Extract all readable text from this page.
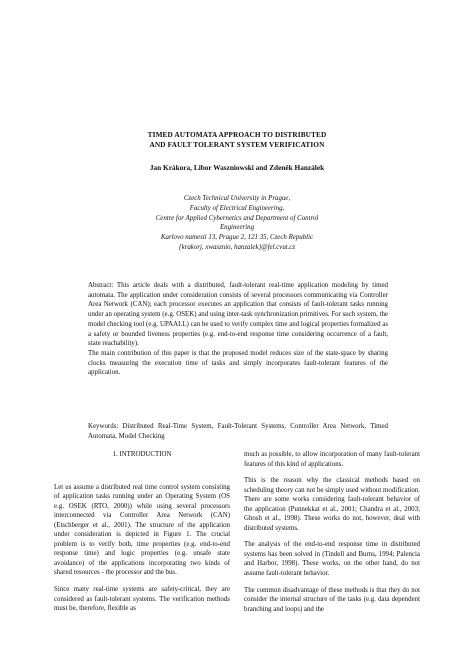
TIMED AUTOMATA APPROACH TO DISTRIBUTED
AND FAULT TOLERANT SYSTEM VERIFICATION
Jan Krákora, Libor Waszniowski and Zdeněk Hanzálek
Czech Technical University in Prague,
Faculty of Electrical Engineering,
Centre for Applied Cybernetics and Department of Control
Engineering
Karlovo namesti 13, Prague 2, 121 35, Czech Republic
{krakorj, xwasznio, hanzalek}@fel.cvut.cz

Abstract: This article deals with a distributed, fault-tolerant real-time application modeling by timed automata. The application under consideration consists of several processors communicating via Controller Area Network (CAN); each processor executes an application that consists of fault-tolerant tasks running under an operating system (e.g. OSEK) and using inter-task synchronization primitives. For such system, the model checking tool (e.g. UPAALL) can be used to verify complex time and logical properties formalized as a safety or bounded liveness properties (e.g. end-to-end response time considering occurrence of a fault, state reachability).

The main contribution of this paper is that the proposed model reduces size of the state-space by sharing clocks measuring the execution time of tasks and simply incorporates fault-tolerant features of the application.

Keywords: Distributed Real-Time System, Fault-Tolerant Systems, Controller Area Network, Timed Automata, Model Checking

1. INTRODUCTION

Let us assume a distributed real time control system consisting of application tasks running under an Operating System (OS e.g. OSEK (RTO, 2000)) while using several processors interconnected via Controller Area Network (CAN) (Etschberger et al., 2001). The structure of the application under consideration is depicted in Figure 1. The crucial problem is to verify both, time properties (e.g. end-to-end response time) and logic properties (e.g. unsafe state avoidance) of the applications incorporating two kinds of shared resources - the processor and the bus.

Since many real-time systems are safety-critical, they are considered as fault-tolerant systems. The verification methods must be, therefore, flexible as

much as possible, to allow incorporation of many fault-tolerant features of this kind of applications.

This is the reason why the classical methods based on scheduling theory can not be simply used without modification. There are some works considering fault-tolerant behavior of the application (Punnekkat et al., 2001; Chandra et al., 2003; Ghosh et al., 1998). These works do not, however, deal with distributed systems.

The analysis of the end-to-end response time in distributed systems has been solved in (Tindell and Burns, 1994; Palencia and Harbor, 1998). These works, on the other hand, do not assume fault-tolerant behavior.

The common disadvantage of these methods is that they do not consider the internal structure of the tasks (e.g. data dependent branching and loops) and the
